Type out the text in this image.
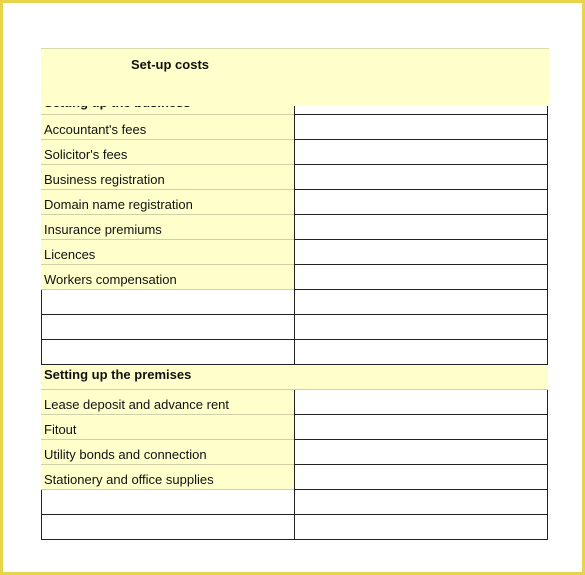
Set-up costs
Accountant's fees
Solicitor's fees
Business registration
Domain name registration
Insurance premiums
Licences
Workers compensation
Setting up the premises
Lease deposit and advance rent
Fitout
Utility bonds and connection
Stationery and office supplies
